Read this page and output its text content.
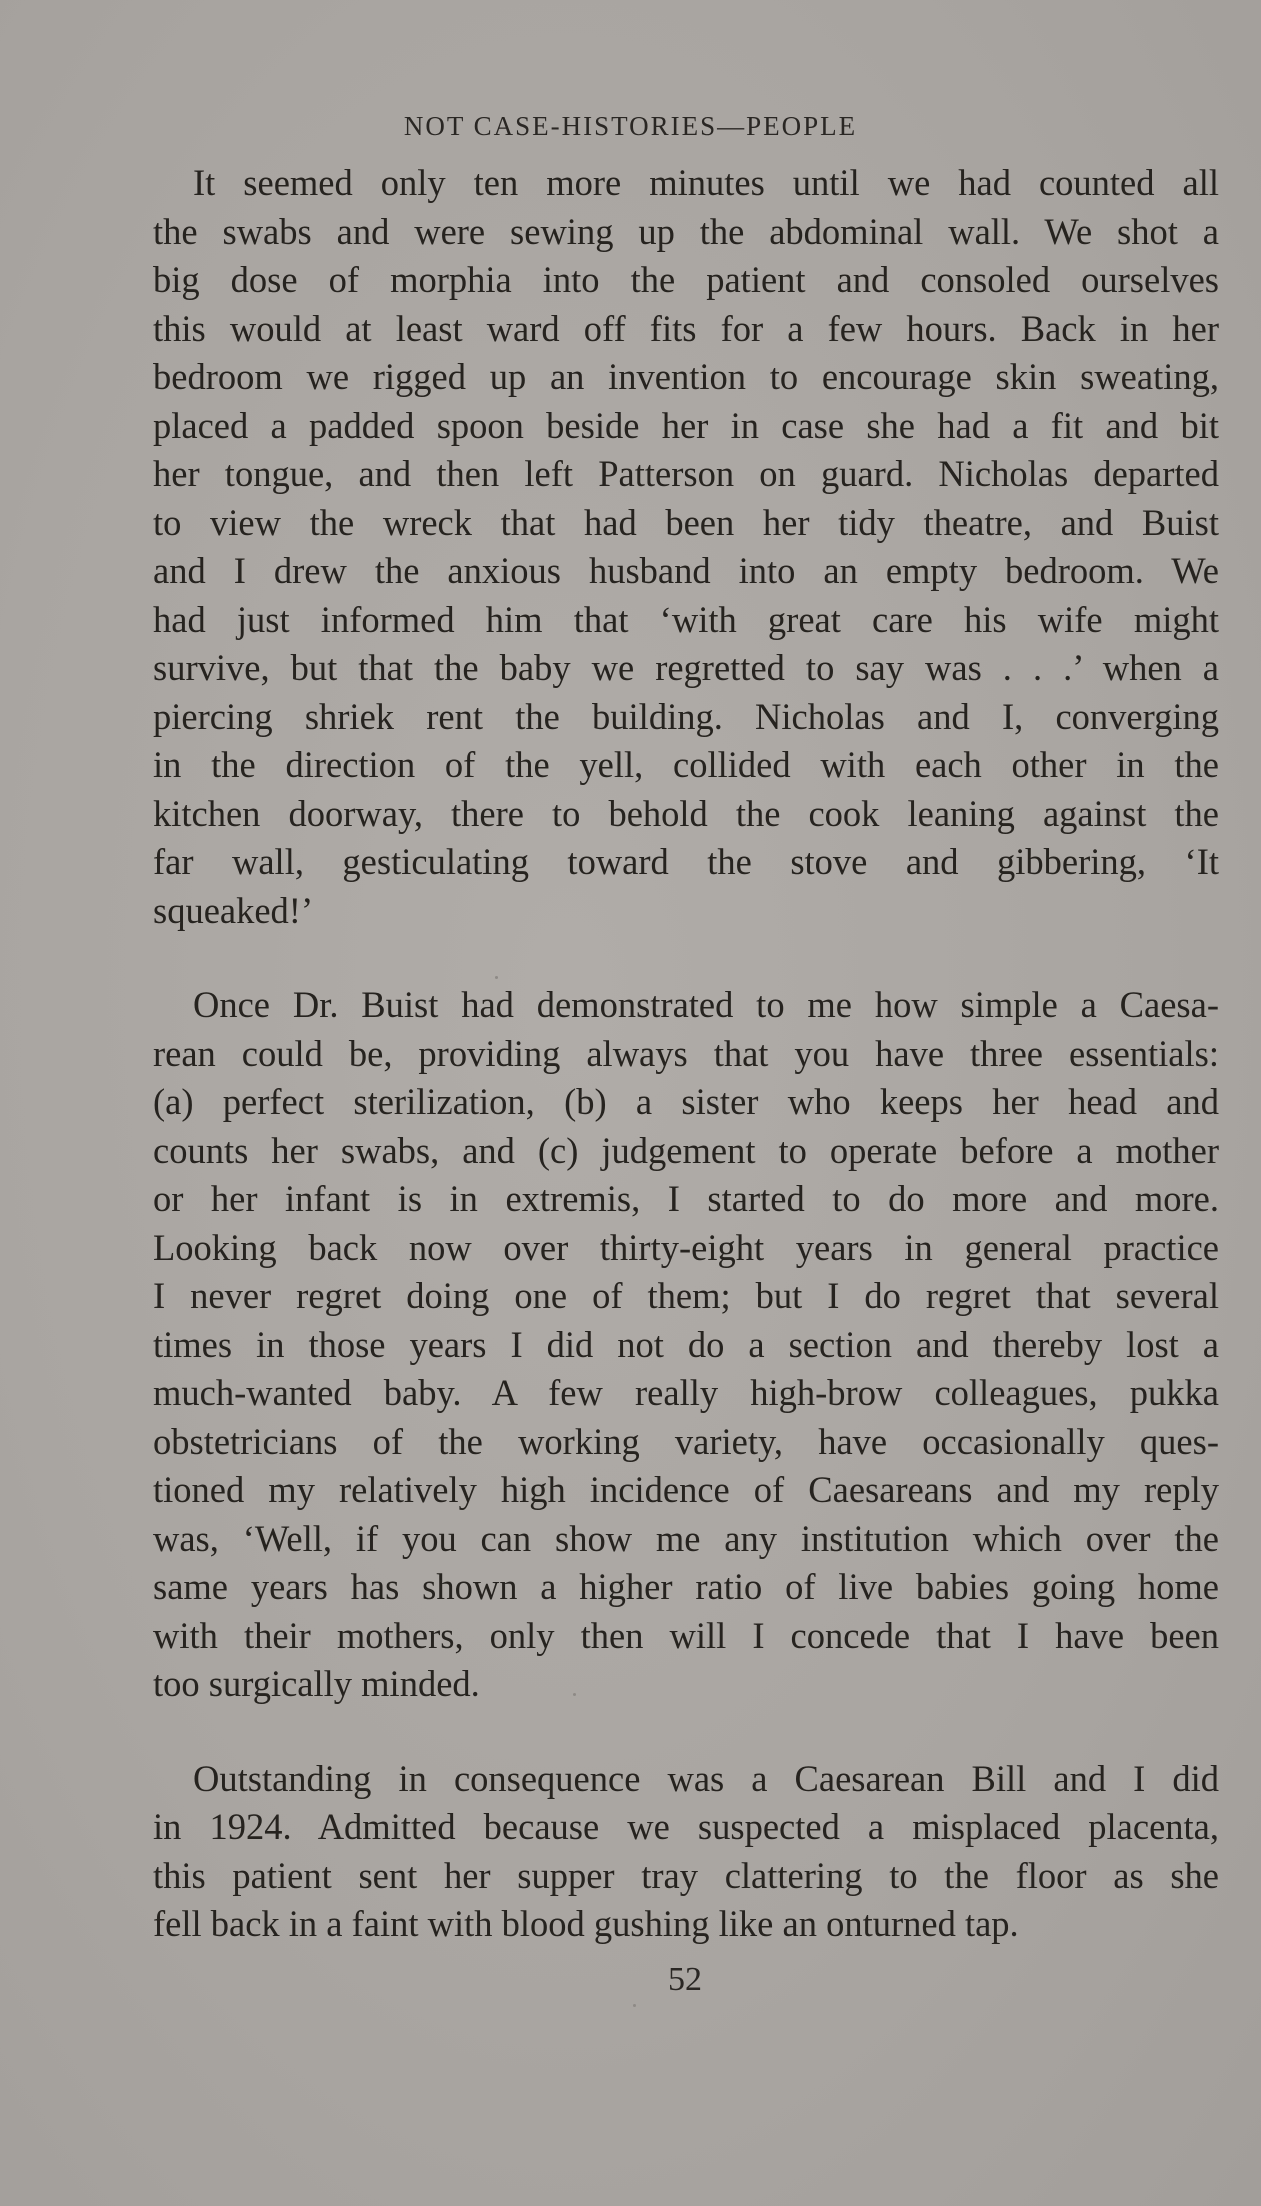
NOT CASE-HISTORIES—PEOPLE
It seemed only ten more minutes until we had counted all
the swabs and were sewing up the abdominal wall. We shot a
big dose of morphia into the patient and consoled ourselves
this would at least ward off fits for a few hours. Back in her
bedroom we rigged up an invention to encourage skin sweating,
placed a padded spoon beside her in case she had a fit and bit
her tongue, and then left Patterson on guard. Nicholas departed
to view the wreck that had been her tidy theatre, and Buist
and I drew the anxious husband into an empty bedroom. We
had just informed him that ‘with great care his wife might
survive, but that the baby we regretted to say was . . .’ when a
piercing shriek rent the building. Nicholas and I, converging
in the direction of the yell, collided with each other in the
kitchen doorway, there to behold the cook leaning against the
far wall, gesticulating toward the stove and gibbering, ‘It
squeaked!’
Once Dr. Buist had demonstrated to me how simple a Caesa-
rean could be, providing always that you have three essentials:
(a) perfect sterilization, (b) a sister who keeps her head and
counts her swabs, and (c) judgement to operate before a mother
or her infant is in extremis, I started to do more and more.
Looking back now over thirty-eight years in general practice
I never regret doing one of them; but I do regret that several
times in those years I did not do a section and thereby lost a
much-wanted baby. A few really high-brow colleagues, pukka
obstetricians of the working variety, have occasionally ques-
tioned my relatively high incidence of Caesareans and my reply
was, ‘Well, if you can show me any institution which over the
same years has shown a higher ratio of live babies going home
with their mothers, only then will I concede that I have been
too surgically minded.
Outstanding in consequence was a Caesarean Bill and I did
in 1924. Admitted because we suspected a misplaced placenta,
this patient sent her supper tray clattering to the floor as she
fell back in a faint with blood gushing like an onturned tap.
52
